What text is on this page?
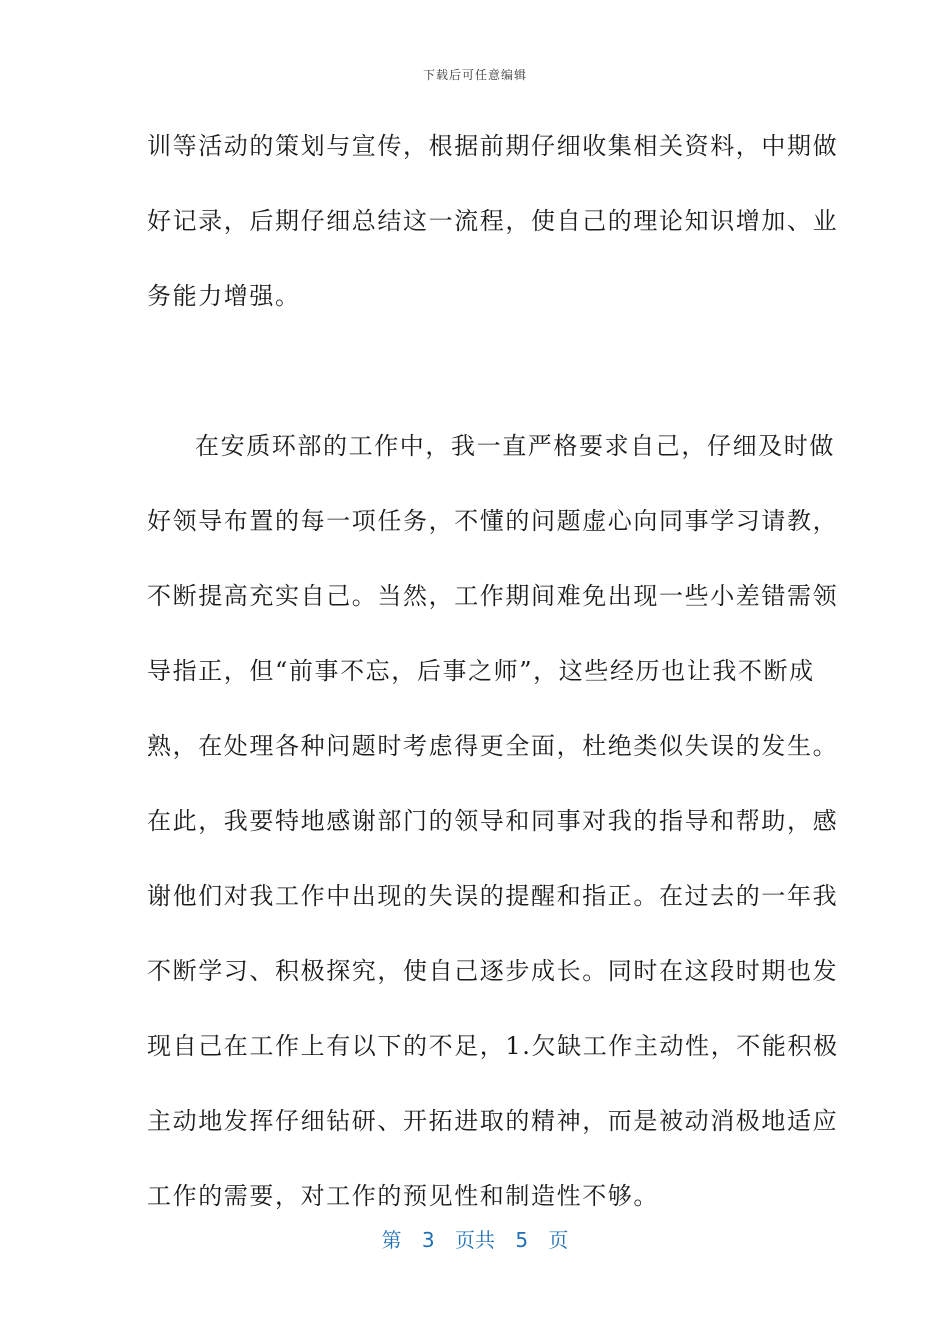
下载后可任意编辑
训等活动的策划与宣传，根据前期仔细收集相关资料，中期做
好记录，后期仔细总结这一流程，使自己的理论知识增加、业
务能力增强。
在安质环部的工作中，我一直严格要求自己，仔细及时做
好领导布置的每一项任务，不懂的问题虚心向同事学习请教，
不断提高充实自己。当然，工作期间难免出现一些小差错需领
导指正，但“前事不忘，后事之师”，这些经历也让我不断成
熟，在处理各种问题时考虑得更全面，杜绝类似失误的发生。
在此，我要特地感谢部门的领导和同事对我的指导和帮助，感
谢他们对我工作中出现的失误的提醒和指正。在过去的一年我
不断学习、积极探究，使自己逐步成长。同时在这段时期也发
现自己在工作上有以下的不足，1.欠缺工作主动性，不能积极
主动地发挥仔细钻研、开拓进取的精神，而是被动消极地适应
工作的需要，对工作的预见性和制造性不够。
第 3 页共 5 页
